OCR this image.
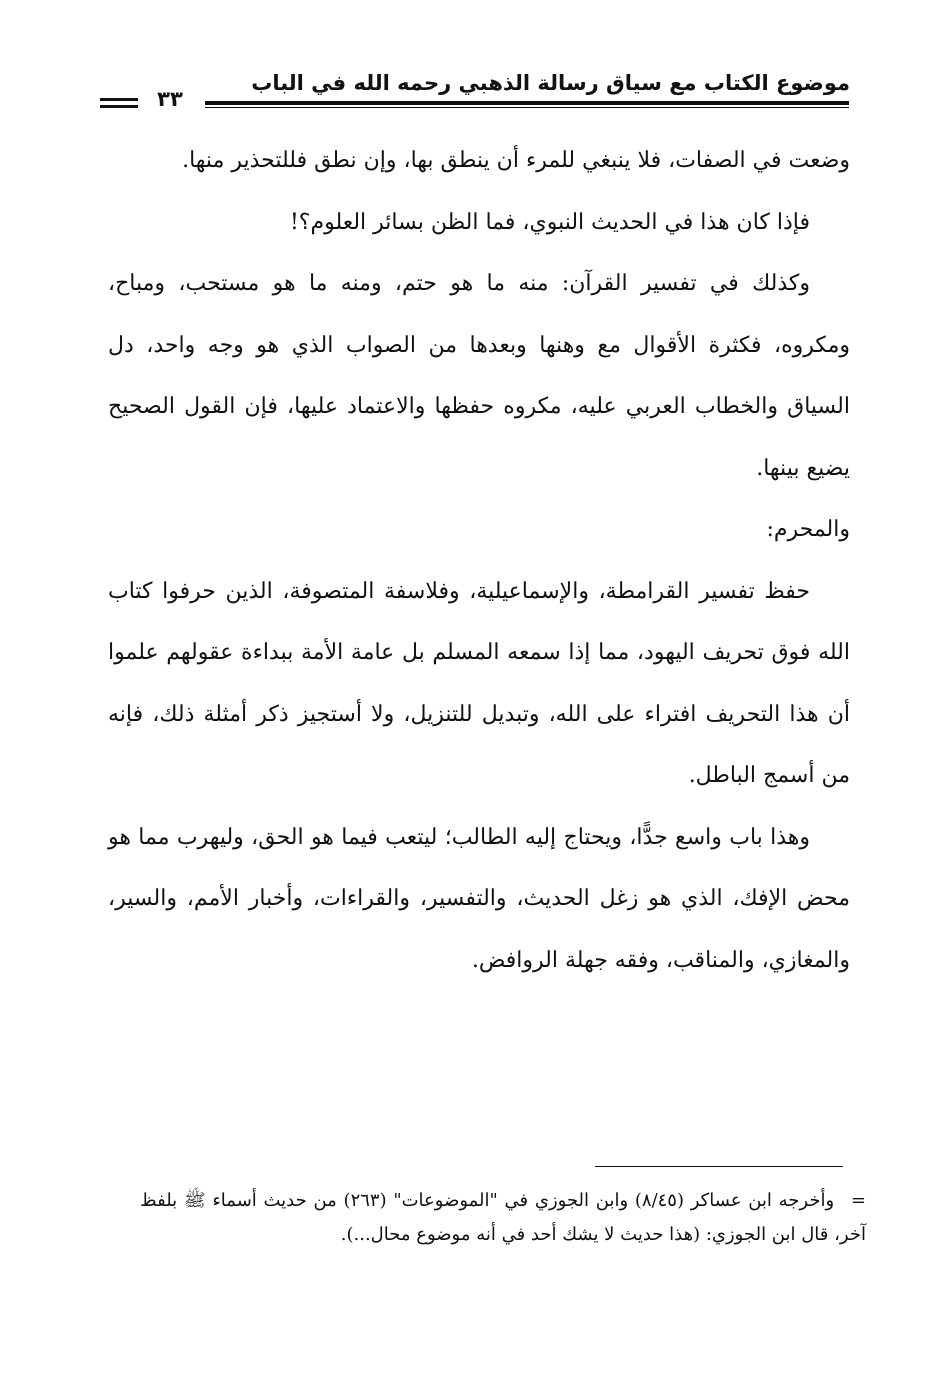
موضوع الكتاب مع سياق رسالة الذهبي رحمه الله في الباب
٣٣

وضعت في الصفات، فلا ينبغي للمرء أن ينطق بها، وإن نطق فللتحذير منها.

فإذا كان هذا في الحديث النبوي، فما الظن بسائر العلوم؟!

وكذلك في تفسير القرآن: منه ما هو حتم، ومنه ما هو مستحب، ومباح، ومكروه، فكثرة الأقوال مع وهنها وبعدها من الصواب الذي هو وجه واحد، دل السياق والخطاب العربي عليه، مكروه حفظها والاعتماد عليها، فإن القول الصحيح يضيع بينها.

والمحرم:

حفظ تفسير القرامطة، والإسماعيلية، وفلاسفة المتصوفة، الذين حرفوا كتاب الله فوق تحريف اليهود، مما إذا سمعه المسلم بل عامة الأمة ببداءة عقولهم علموا أن هذا التحريف افتراء على الله، وتبديل للتنزيل، ولا أستجيز ذكر أمثلة ذلك، فإنه من أسمج الباطل.

وهذا باب واسع جدًّا، ويحتاج إليه الطالب؛ ليتعب فيما هو الحق، وليهرب مما هو محض الإفك، الذي هو زغل الحديث، والتفسير، والقراءات، وأخبار الأمم، والسير، والمغازي، والمناقب، وفقه جهلة الروافض.

= وأخرجه ابن عساكر (٨/٤٥) وابن الجوزي في "الموضوعات" (٢٦٣) من حديث أسماء ﷺ بلفظ آخر، قال ابن الجوزي: (هذا حديث لا يشك أحد في أنه موضوع محال...).
